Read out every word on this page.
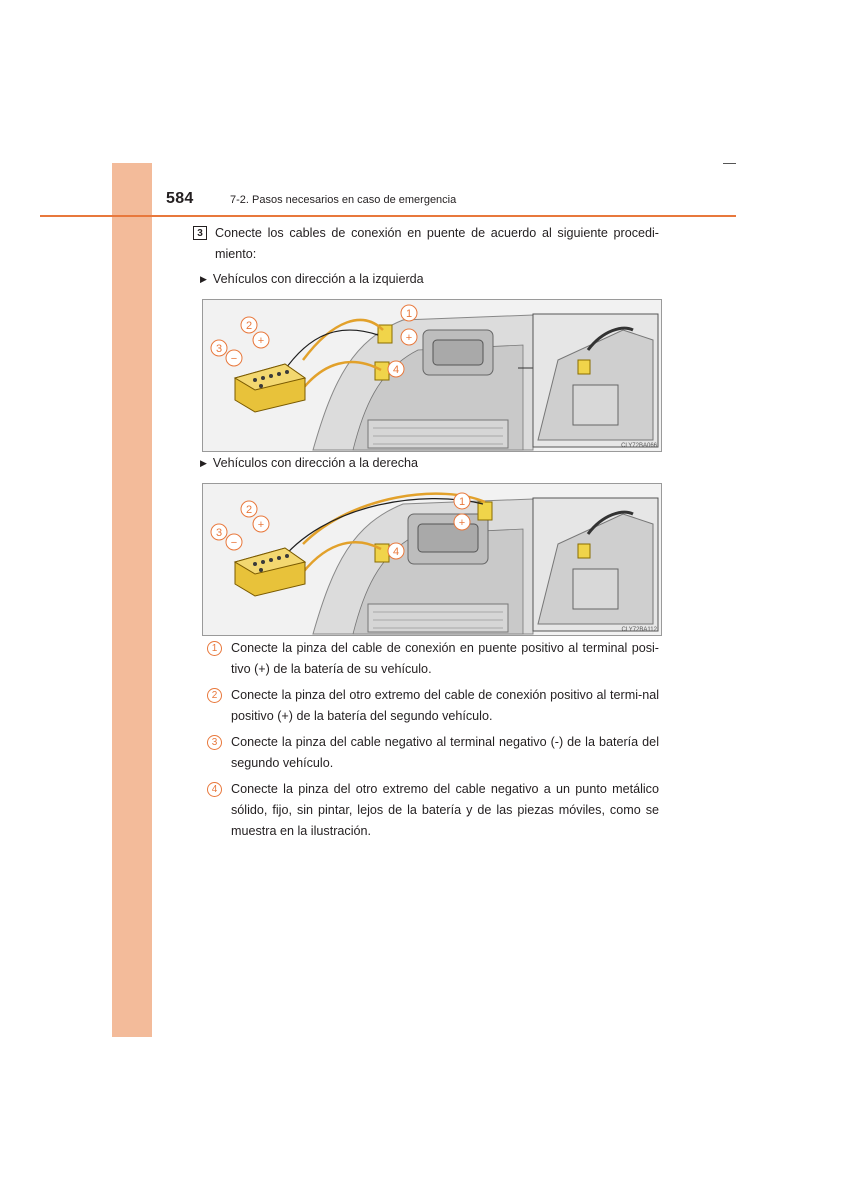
584	7-2. Pasos necesarios en caso de emergencia
3 Conecte los cables de conexión en puente de acuerdo al siguiente procedi-miento:
▶ Vehículos con dirección a la izquierda
2
+
3
−
1
+
4
CLY72BA066
▶ Vehículos con dirección a la derecha
2
+
3
−
1
+
4
CLY72BA112
1	Conecte la pinza del cable de conexión en puente positivo al terminal posi-tivo (+) de la batería de su vehículo.
2	Conecte la pinza del otro extremo del cable de conexión positivo al termi-nal positivo (+) de la batería del segundo vehículo.
3	Conecte la pinza del cable negativo al terminal negativo (-) de la batería del segundo vehículo.
4	Conecte la pinza del otro extremo del cable negativo a un punto metálico sólido, fijo, sin pintar, lejos de la batería y de las piezas móviles, como se muestra en la ilustración.
